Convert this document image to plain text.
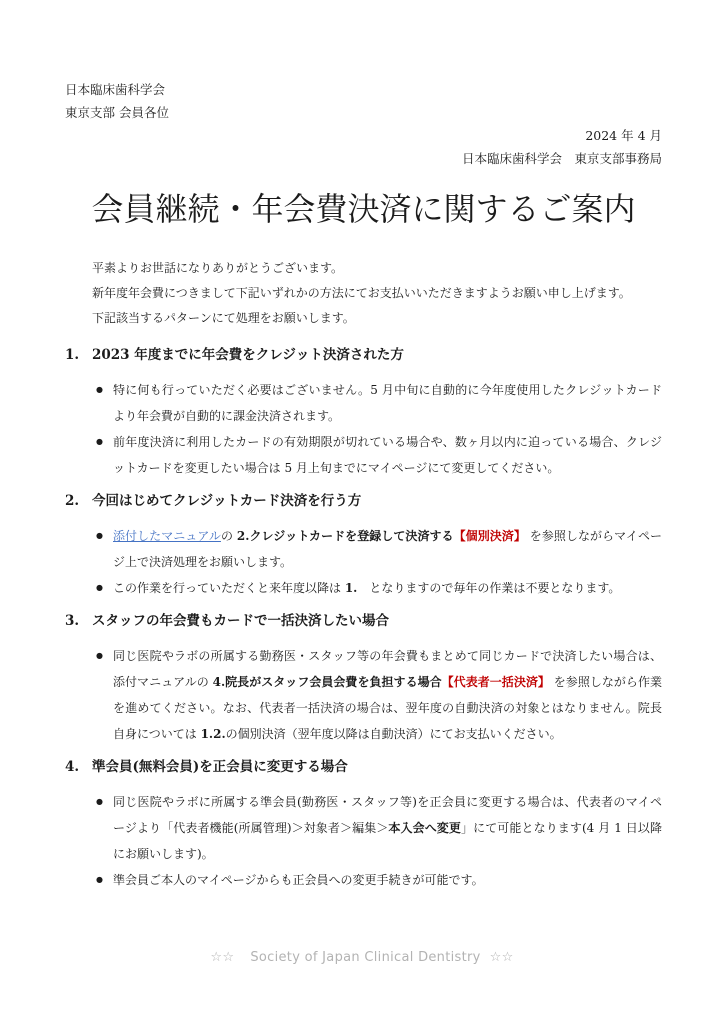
日本臨床歯科学会

東京支部 会員各位

2024 年 4 月

日本臨床歯科学会　東京支部事務局

会員継続・年会費決済に関するご案内

平素よりお世話になりありがとうございます。

新年度年会費につきまして下記いずれかの方法にてお支払いいただきますようお願い申し上げます。

下記該当するパターンにて処理をお願いします。

1. 2023 年度までに年会費をクレジット決済された方
● 特に何も行っていただく必要はございません。5 月中旬に自動的に今年度使用したクレジットカードより年会費が自動的に課金決済されます。
● 前年度決済に利用したカードの有効期限が切れている場合や、数ヶ月以内に迫っている場合、クレジットカードを変更したい場合は 5 月上旬までにマイページにて変更してください。
2. 今回はじめてクレジットカード決済を行う方
● 添付したマニュアルの 2.クレジットカードを登録して決済する【個別決済】 を参照しながらマイページ上で決済処理をお願いします。
● この作業を行っていただくと来年度以降は 1.　となりますので毎年の作業は不要となります。
3. スタッフの年会費もカードで一括決済したい場合
● 同じ医院やラボの所属する勤務医・スタッフ等の年会費もまとめて同じカードで決済したい場合は、添付マニュアルの 4.院長がスタッフ会員会費を負担する場合【代表者一括決済】 を参照しながら作業を進めてください。なお、代表者一括決済の場合は、翌年度の自動決済の対象とはなりません。院長自身については 1.2.の個別決済（翌年度以降は自動決済）にてお支払いください。
4. 準会員(無料会員)を正会員に変更する場合
● 同じ医院やラボに所属する準会員(勤務医・スタッフ等)を正会員に変更する場合は、代表者のマイページより「代表者機能(所属管理)＞対象者＞編集＞本入会へ変更」にて可能となります(4 月 1 日以降にお願いします)。
● 準会員ご本人のマイページからも正会員への変更手続きが可能です。
☆☆ Society of Japan Clinical Dentistry ☆☆
